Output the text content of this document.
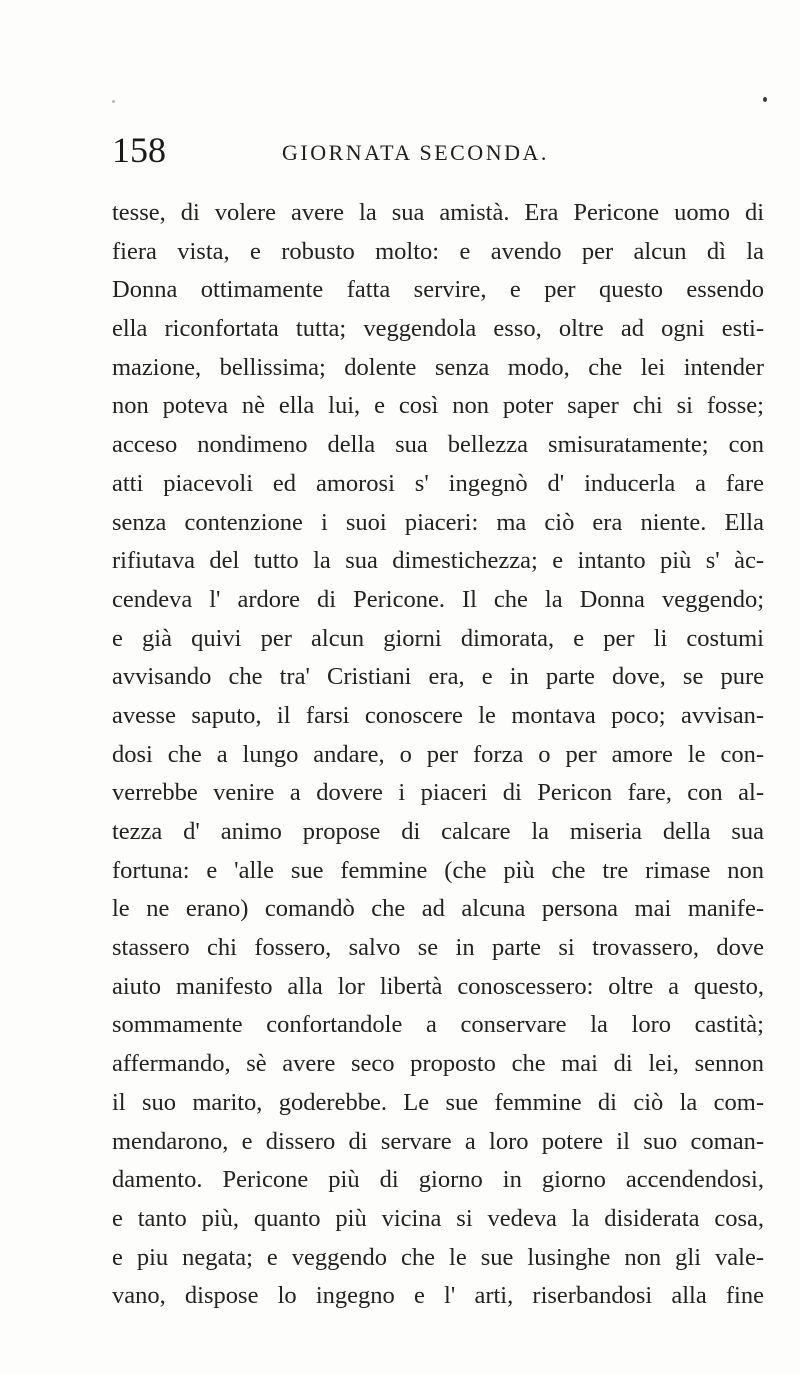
158	GIORNATA SECONDA.
tesse, di volere avere la sua amistà. Era Pericone uomo di
fiera vista, e robusto molto: e avendo per alcun dì la
Donna ottimamente fatta servire, e per questo essendo
ella riconfortata tutta; veggendola esso, oltre ad ogni esti-
mazione, bellissima; dolente senza modo, che lei intender
non poteva nè ella lui, e così non poter saper chi si fosse;
acceso nondimeno della sua bellezza smisuratamente; con
atti piacevoli ed amorosi s' ingegnò d' inducerla a fare
senza contenzione i suoi piaceri: ma ciò era niente. Ella
rifiutava del tutto la sua dimestichezza; e intanto più s' àc-
cendeva l' ardore di Pericone. Il che la Donna veggendo;
e già quivi per alcun giorni dimorata, e per li costumi
avvisando che tra' Cristiani era, e in parte dove, se pure
avesse saputo, il farsi conoscere le montava poco; avvisan-
dosi che a lungo andare, o per forza o per amore le con-
verrebbe venire a dovere i piaceri di Pericon fare, con al-
tezza d' animo propose di calcare la miseria della sua
fortuna: e 'alle sue femmine (che più che tre rimase non
le ne erano) comandò che ad alcuna persona mai manife-
stassero chi fossero, salvo se in parte si trovassero, dove
aiuto manifesto alla lor libertà conoscessero: oltre a questo,
sommamente confortandole a conservare la loro castità;
affermando, sè avere seco proposto che mai di lei, sennon
il suo marito, goderebbe. Le sue femmine di ciò la com-
mendarono, e dissero di servare a loro potere il suo coman-
damento. Pericone più di giorno in giorno accendendosi,
e tanto più, quanto più vicina si vedeva la disiderata cosa,
e piu negata; e veggendo che le sue lusinghe non gli vale-
vano, dispose lo ingegno e l' arti, riserbandosi alla fine
